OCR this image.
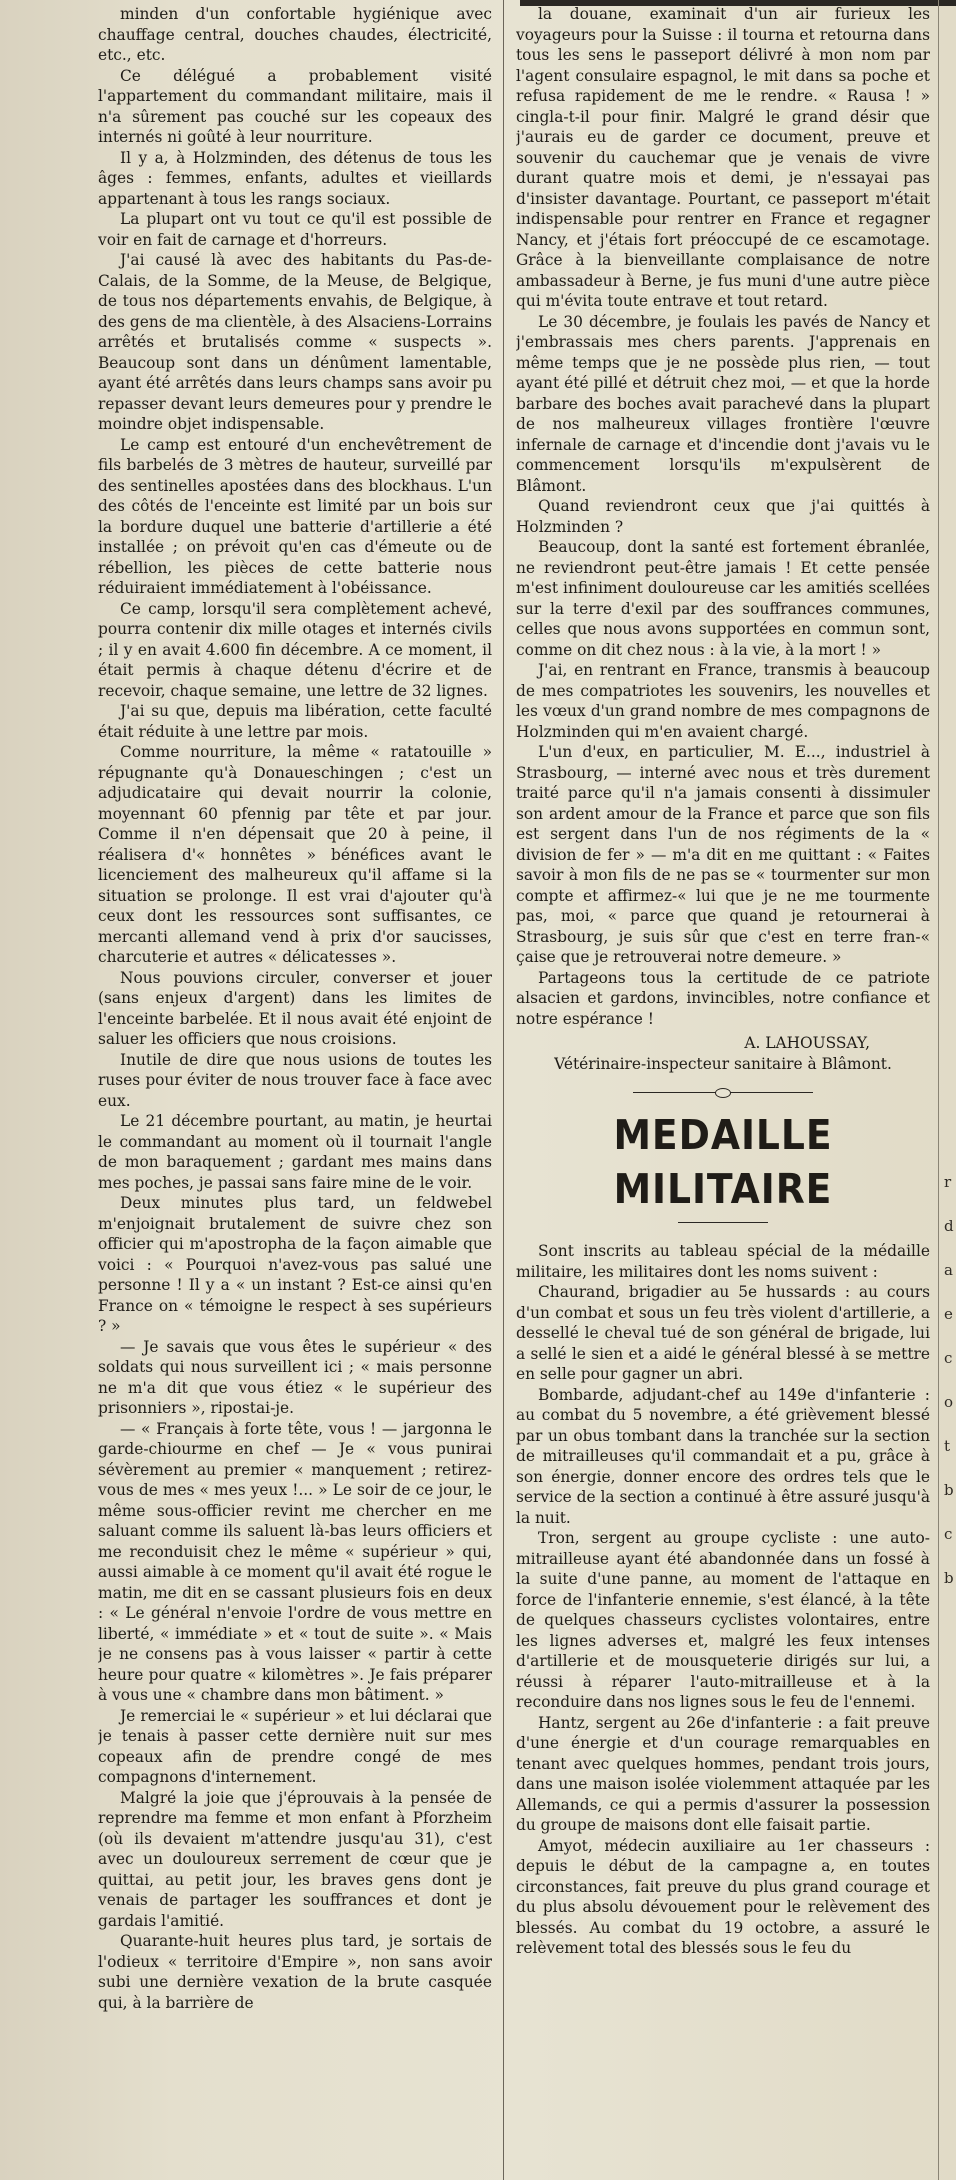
minden d'un confortable hygiénique avec chauffage central, douches chaudes, électricité, etc., etc.

Ce délégué a probablement visité l'appartement du commandant militaire, mais il n'a sûrement pas couché sur les copeaux des internés ni goûté à leur nourriture.

Il y a, à Holzminden, des détenus de tous les âges : femmes, enfants, adultes et vieillards appartenant à tous les rangs sociaux.

La plupart ont vu tout ce qu'il est possible de voir en fait de carnage et d'horreurs.

J'ai causé là avec des habitants du Pas-de-Calais, de la Somme, de la Meuse, de Belgique, de tous nos départements envahis, de Belgique, à des gens de ma clientèle, à des Alsaciens-Lorrains arrêtés et brutalisés comme « suspects ». Beaucoup sont dans un dénûment lamentable, ayant été arrêtés dans leurs champs sans avoir pu repasser devant leurs demeures pour y prendre le moindre objet indispensable.

Le camp est entouré d'un enchevêtrement de fils barbelés de 3 mètres de hauteur, surveillé par des sentinelles apostées dans des blockhaus. L'un des côtés de l'enceinte est limité par un bois sur la bordure duquel une batterie d'artillerie a été installée ; on prévoit qu'en cas d'émeute ou de rébellion, les pièces de cette batterie nous réduiraient immédiatement à l'obéissance.

Ce camp, lorsqu'il sera complètement achevé, pourra contenir dix mille otages et internés civils ; il y en avait 4.600 fin décembre. A ce moment, il était permis à chaque détenu d'écrire et de recevoir, chaque semaine, une lettre de 32 lignes.

J'ai su que, depuis ma libération, cette faculté était réduite à une lettre par mois.

Comme nourriture, la même « ratatouille » répugnante qu'à Donaueschingen ; c'est un adjudicataire qui devait nourrir la colonie, moyennant 60 pfennig par tête et par jour. Comme il n'en dépensait que 20 à peine, il réalisera d'« honnêtes » bénéfices avant le licenciement des malheureux qu'il affame si la situation se prolonge. Il est vrai d'ajouter qu'à ceux dont les ressources sont suffisantes, ce mercanti allemand vend à prix d'or saucisses, charcuterie et autres « délicatesses ».

Nous pouvions circuler, converser et jouer (sans enjeux d'argent) dans les limites de l'enceinte barbelée. Et il nous avait été enjoint de saluer les officiers que nous croisions.

Inutile de dire que nous usions de toutes les ruses pour éviter de nous trouver face à face avec eux.

Le 21 décembre pourtant, au matin, je heurtai le commandant au moment où il tournait l'angle de mon baraquement ; gardant mes mains dans mes poches, je passai sans faire mine de le voir.

Deux minutes plus tard, un feldwebel m'enjoignait brutalement de suivre chez son officier qui m'apostropha de la façon aimable que voici : « Pourquoi n'avez-vous pas salué une personne ! Il y a « un instant ? Est-ce ainsi qu'en France on « témoigne le respect à ses supérieurs ? »

— Je savais que vous êtes le supérieur « des soldats qui nous surveillent ici ; « mais personne ne m'a dit que vous étiez « le supérieur des prisonniers », ripostai-je.

— « Français à forte tête, vous ! — jargonna le garde-chiourme en chef — Je « vous punirai sévèrement au premier « manquement ; retirez-vous de mes « mes yeux !... » Le soir de ce jour, le même sous-officier revint me chercher en me saluant comme ils saluent là-bas leurs officiers et me reconduisit chez le même « supérieur » qui, aussi aimable à ce moment qu'il avait été rogue le matin, me dit en se cassant plusieurs fois en deux : « Le général n'envoie l'ordre de vous mettre en liberté, « immédiate » et « tout de suite ». « Mais je ne consens pas à vous laisser « partir à cette heure pour quatre « kilomètres ». Je fais préparer à vous une « chambre dans mon bâtiment. »

Je remerciai le « supérieur » et lui déclarai que je tenais à passer cette dernière nuit sur mes copeaux afin de prendre congé de mes compagnons d'internement.

Malgré la joie que j'éprouvais à la pensée de reprendre ma femme et mon enfant à Pforzheim (où ils devaient m'attendre jusqu'au 31), c'est avec un douloureux serrement de cœur que je quittai, au petit jour, les braves gens dont je venais de partager les souffrances et dont je gardais l'amitié.

Quarante-huit heures plus tard, je sortais de l'odieux « territoire d'Empire », non sans avoir subi une dernière vexation de la brute casquée qui, à la barrière de

la douane, examinait d'un air furieux les voyageurs pour la Suisse : il tourna et retourna dans tous les sens le passeport délivré à mon nom par l'agent consulaire espagnol, le mit dans sa poche et refusa rapidement de me le rendre. « Rausa ! » cingla-t-il pour finir. Malgré le grand désir que j'aurais eu de garder ce document, preuve et souvenir du cauchemar que je venais de vivre durant quatre mois et demi, je n'essayai pas d'insister davantage. Pourtant, ce passeport m'était indispensable pour rentrer en France et regagner Nancy, et j'étais fort préoccupé de ce escamotage. Grâce à la bienveillante complaisance de notre ambassadeur à Berne, je fus muni d'une autre pièce qui m'évita toute entrave et tout retard.

Le 30 décembre, je foulais les pavés de Nancy et j'embrassais mes chers parents. J'apprenais en même temps que je ne possède plus rien, — tout ayant été pillé et détruit chez moi, — et que la horde barbare des boches avait parachevé dans la plupart de nos malheureux villages frontière l'œuvre infernale de carnage et d'incendie dont j'avais vu le commencement lorsqu'ils m'expulsèrent de Blâmont.

Quand reviendront ceux que j'ai quittés à Holzminden ?

Beaucoup, dont la santé est fortement ébranlée, ne reviendront peut-être jamais ! Et cette pensée m'est infiniment douloureuse car les amitiés scellées sur la terre d'exil par des souffrances communes, celles que nous avons supportées en commun sont, comme on dit chez nous : à la vie, à la mort ! »

J'ai, en rentrant en France, transmis à beaucoup de mes compatriotes les souvenirs, les nouvelles et les vœux d'un grand nombre de mes compagnons de Holzminden qui m'en avaient chargé.

L'un d'eux, en particulier, M. E..., industriel à Strasbourg, — interné avec nous et très durement traité parce qu'il n'a jamais consenti à dissimuler son ardent amour de la France et parce que son fils est sergent dans l'un de nos régiments de la « division de fer » — m'a dit en me quittant : « Faites savoir à mon fils de ne pas se « tourmenter sur mon compte et affirmez-« lui que je ne me tourmente pas, moi, « parce que quand je retournerai à Strasbourg, je suis sûr que c'est en terre fran-« çaise que je retrouverai notre demeure. »

Partageons tous la certitude de ce patriote alsacien et gardons, invincibles, notre confiance et notre espérance !

A. LAHOUSSAY,

Vétérinaire-inspecteur sanitaire à Blâmont.

MEDAILLE MILITAIRE

Sont inscrits au tableau spécial de la médaille militaire, les militaires dont les noms suivent :

Chaurand, brigadier au 5e hussards : au cours d'un combat et sous un feu très violent d'artillerie, a dessellé le cheval tué de son général de brigade, lui a sellé le sien et a aidé le général blessé à se mettre en selle pour gagner un abri.

Bombarde, adjudant-chef au 149e d'infanterie : au combat du 5 novembre, a été grièvement blessé par un obus tombant dans la tranchée sur la section de mitrailleuses qu'il commandait et a pu, grâce à son énergie, donner encore des ordres tels que le service de la section a continué à être assuré jusqu'à la nuit.

Tron, sergent au groupe cycliste : une auto-mitrailleuse ayant été abandonnée dans un fossé à la suite d'une panne, au moment de l'attaque en force de l'infanterie ennemie, s'est élancé, à la tête de quelques chasseurs cyclistes volontaires, entre les lignes adverses et, malgré les feux intenses d'artillerie et de mousqueterie dirigés sur lui, a réussi à réparer l'auto-mitrailleuse et à la reconduire dans nos lignes sous le feu de l'ennemi.

Hantz, sergent au 26e d'infanterie : a fait preuve d'une énergie et d'un courage remarquables en tenant avec quelques hommes, pendant trois jours, dans une maison isolée violemment attaquée par les Allemands, ce qui a permis d'assurer la possession du groupe de maisons dont elle faisait partie.

Amyot, médecin auxiliaire au 1er chasseurs : depuis le début de la campagne a, en toutes circonstances, fait preuve du plus grand courage et du plus absolu dévouement pour le relèvement des blessés. Au combat du 19 octobre, a assuré le relèvement total des blessés sous le feu du

r
d
a
e
c
o
t
b
c
b
